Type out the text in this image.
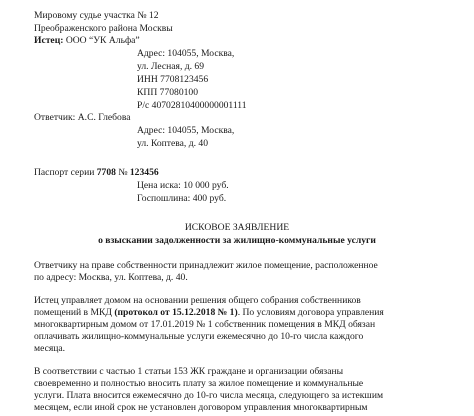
Мировому судье участка № 12
Преображенского района Москвы
Истец: ООО “УК Альфа”
Адрес: 104055, Москва,
ул. Лесная, д. 69
ИНН 7708123456
КПП 77080100
Р/с 40702810400000001111
Ответчик: А.С. Глебова
Адрес: 104055, Москва,
ул. Коптева, д. 40
Паспорт серии 7708 № 123456
Цена иска: 10 000 руб.
Госпошлина: 400 руб.
ИСКОВОЕ ЗАЯВЛЕНИЕ
о взыскании задолженности за жилищно-коммунальные услуги
Ответчику на праве собственности принадлежит жилое помещение, расположенное
по адресу: Москва, ул. Коптева, д. 40.
Истец управляет домом на основании решения общего собрания собственников
помещений в МКД (протокол от 15.12.2018 № 1). По условиям договора управления
многоквартирным домом от 17.01.2019 № 1 собственник помещения в МКД обязан
оплачивать жилищно-коммунальные услуги ежемесячно до 10-го числа каждого
месяца.
В соответствии с частью 1 статьи 153 ЖК граждане и организации обязаны
своевременно и полностью вносить плату за жилое помещение и коммунальные
услуги. Плата вносится ежемесячно до 10-го числа месяца, следующего за истекшим
месяцем, если иной срок не установлен договором управления многоквартирным
